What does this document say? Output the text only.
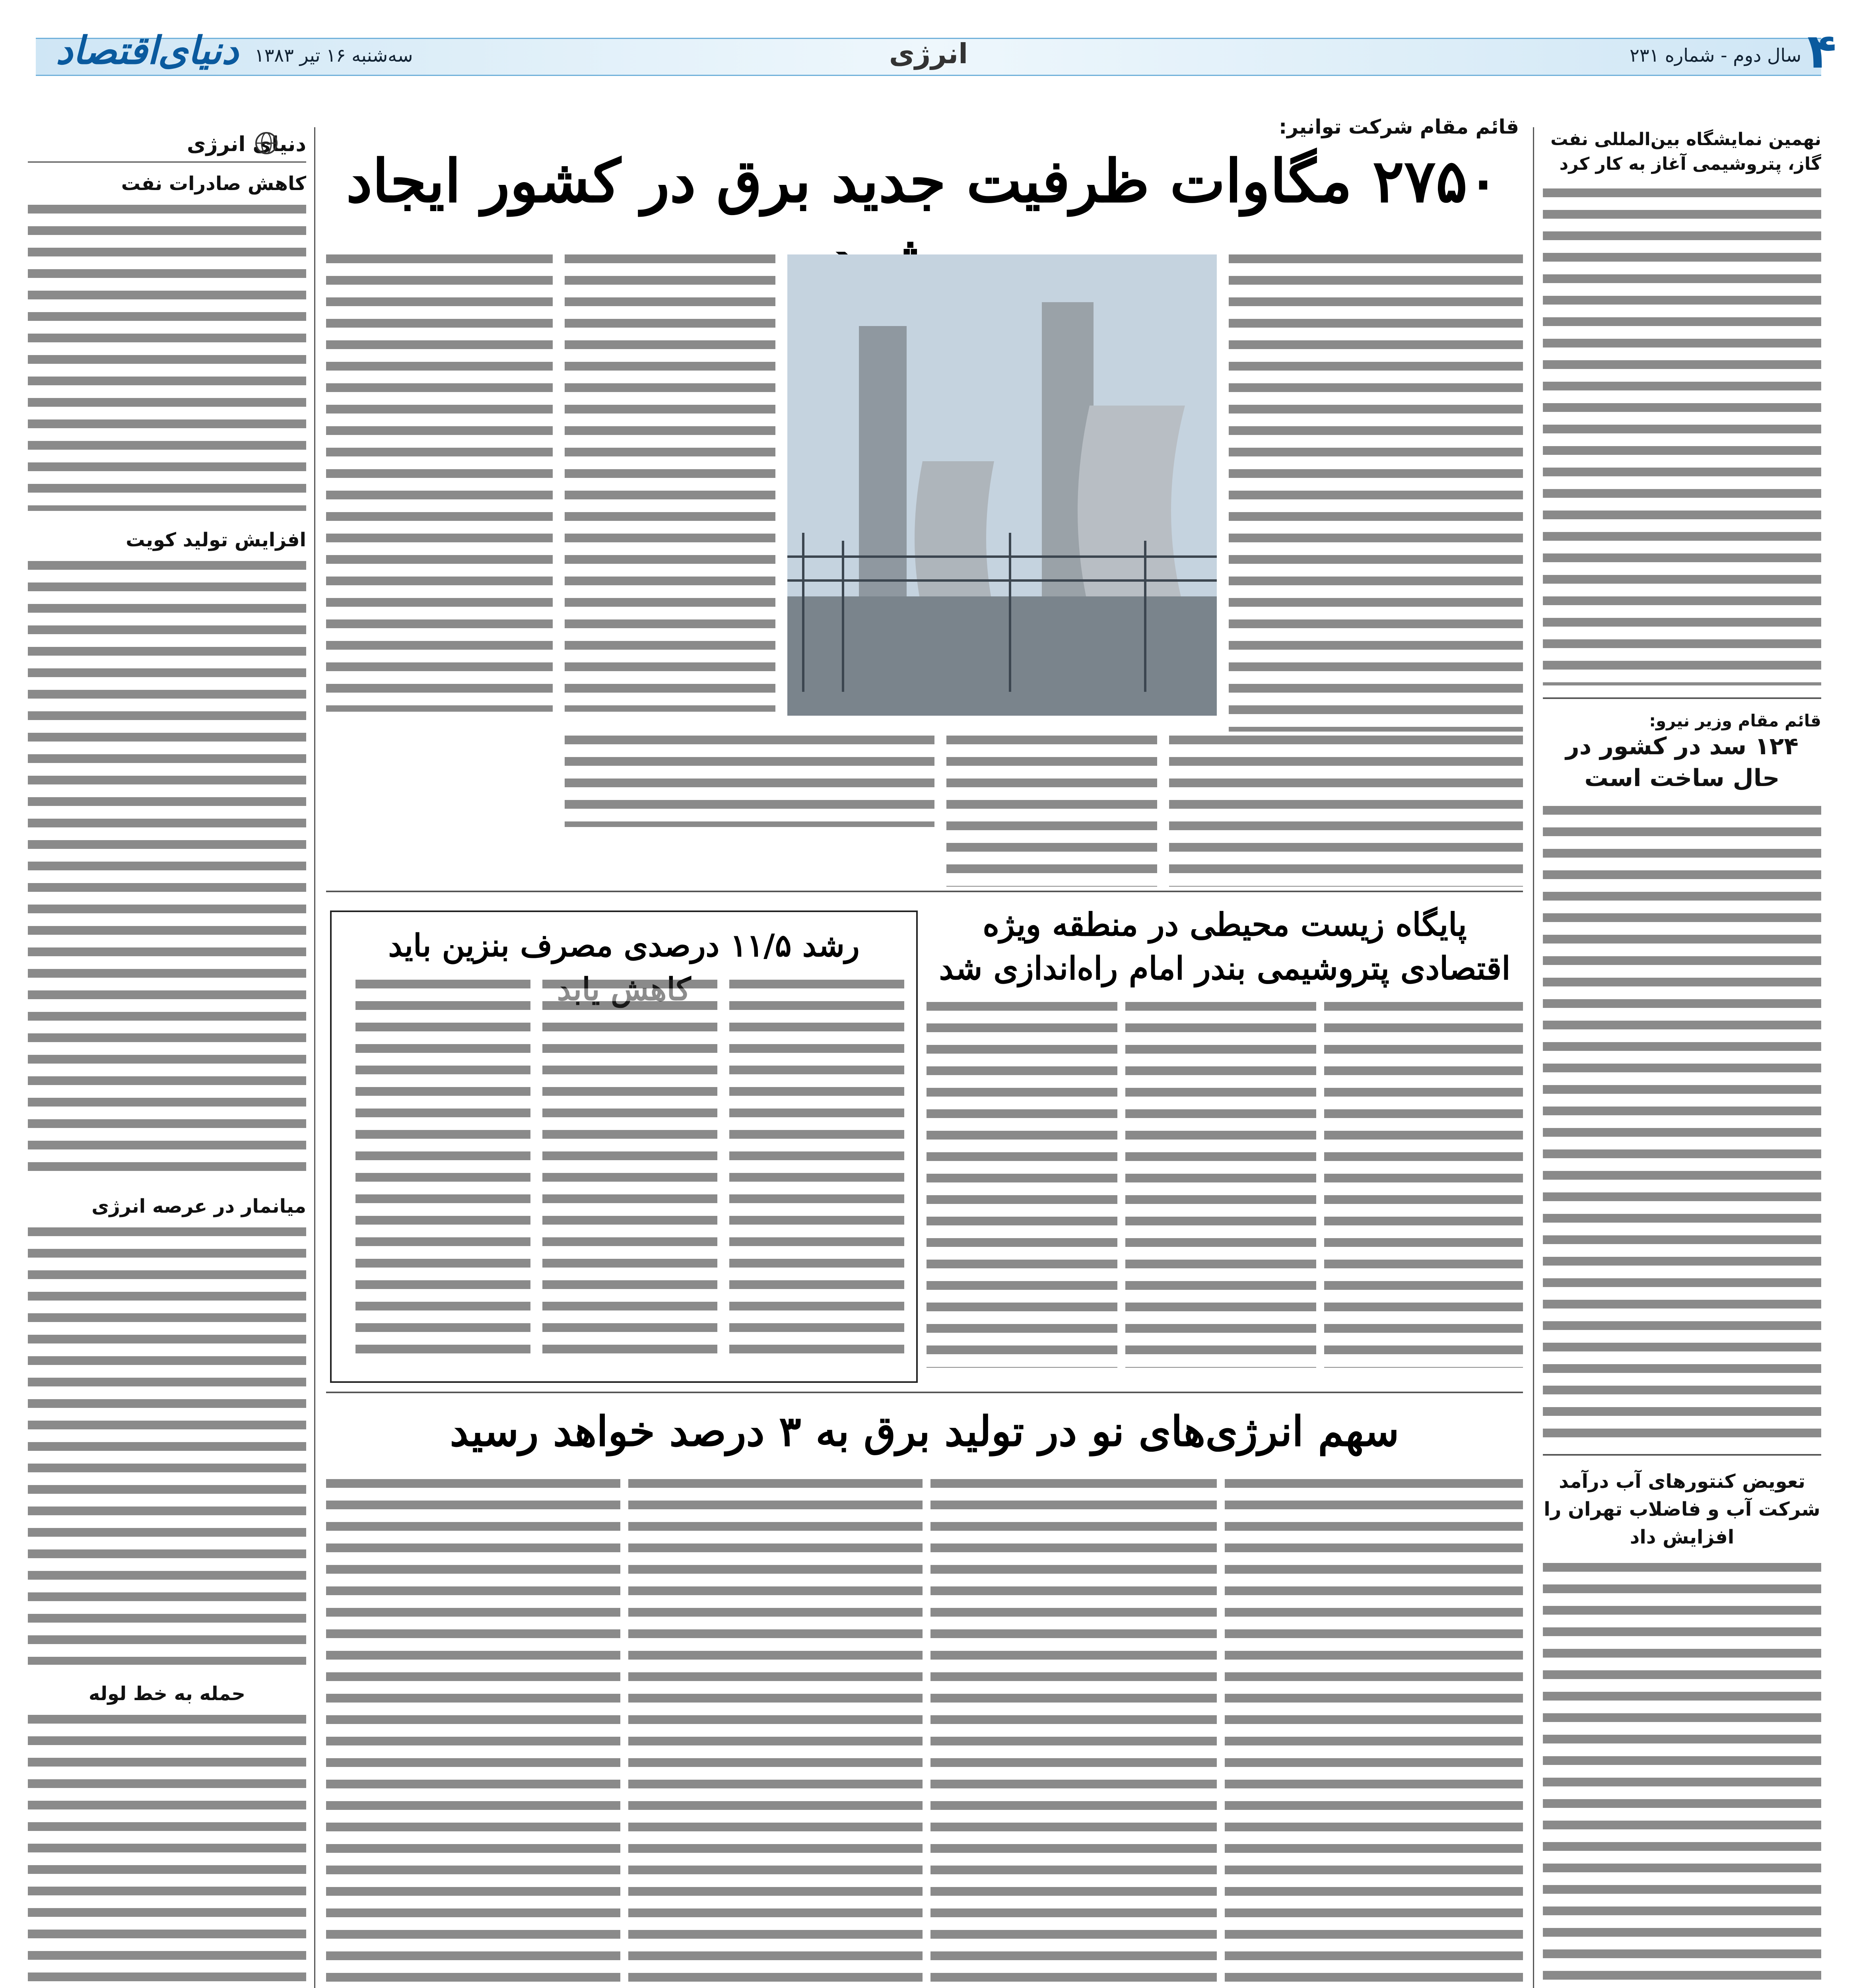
دنیای‌اقتصاد	۴
سال دوم - شماره ۲۳۱
سه‌شنبه ۱۶ تیر ۱۳۸۳	انرژی
نهمین نمایشگاه بین‌المللی نفت گاز، پتروشیمی آغاز به کار کرد
قائم مقام وزیر نیرو:
۱۲۴ سد در کشور در حال ساخت است
تعویض کنتورهای آب درآمد شرکت آب و فاضلاب تهران را افزایش داد
دنیای انرژی
کاهش صادرات نفت
افزایش تولید کویت
میانمار در عرصه انرژی
حمله به خط لوله
قائم مقام شرکت توانیر:
۲۷۵۰ مگاوات ظرفیت جدید برق در کشور ایجاد
پایگاه زیست محیطی در منطقه ویژه اقتصادی پتروشیمی بندر امام راه‌اندازی شد
رشد ۱۱/۵ درصدی مصرف بنزین باید
سهم انرژی‌های نو در تولید برق به ۳ درصد خواهد رسید
